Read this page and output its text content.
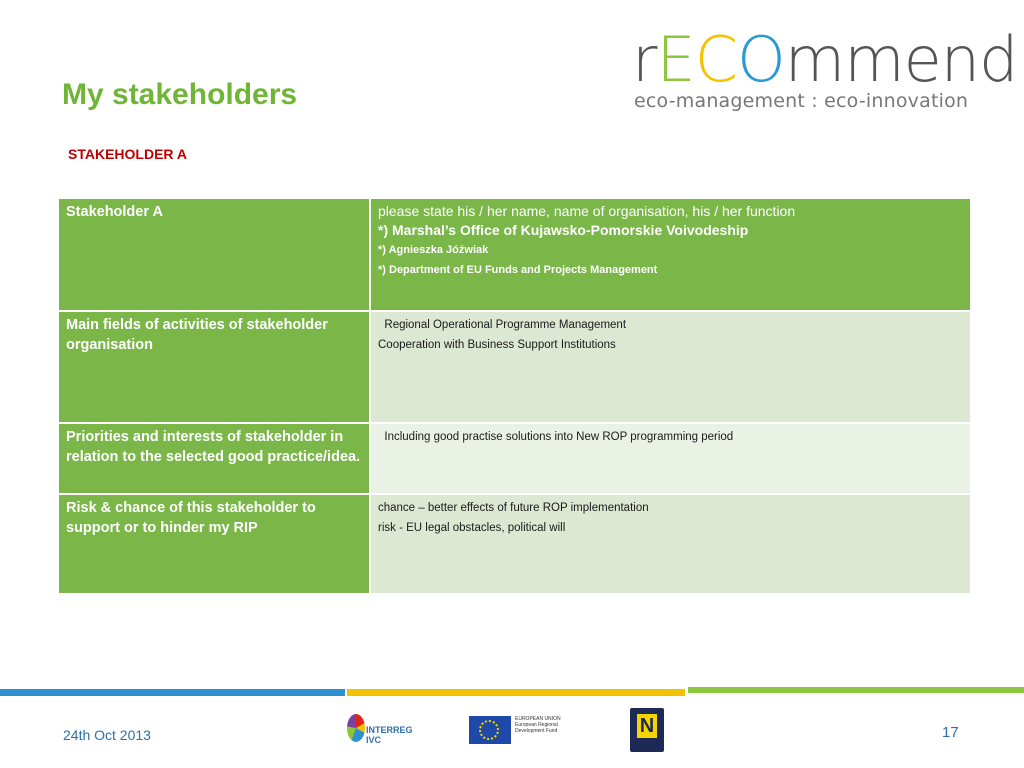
My stakeholders
STAKEHOLDER A
rECOmmend
eco-management : eco-innovation
Stakeholder A	please state his / her name, name of organisation, his / her function
*) Marshal’s Office of Kujawsko-Pomorskie Voivodeship
*) Agnieszka Jóźwiak
*) Department of EU Funds and Projects Management

Main fields of activities of stakeholder organisation	Regional Operational Programme Management
Cooperation with Business Support Institutions

Priorities and interests of stakeholder in relation to the selected good practice/idea.	Including good practise solutions into New ROP programming period

Risk & chance of this stakeholder to support or to hinder my RIP	chance – better effects of future ROP implementation
risk - EU legal obstacles, political will
24th Oct 2013	17
INTERREG IVC
EUROPEAN UNION European Regional Development Fund	N
